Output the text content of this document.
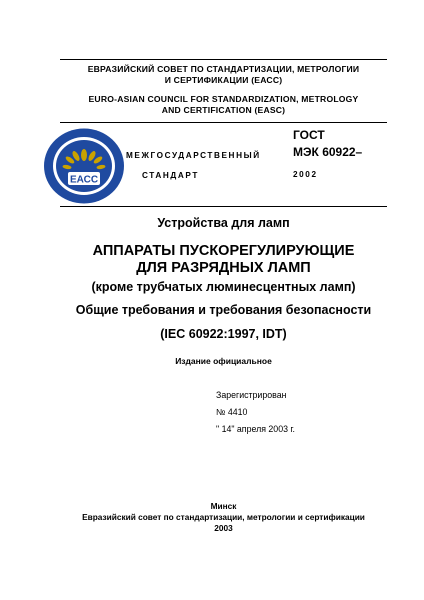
ЕВРАЗИЙСКИЙ СОВЕТ ПО СТАНДАРТИЗАЦИИ, МЕТРОЛОГИИ
И СЕРТИФИКАЦИИ (ЕАСС)
EURO-ASIAN COUNCIL FOR STANDARDIZATION, METROLOGY
AND CERTIFICATION (EASC)
ЕАСС
МЕЖГОСУДАРСТВЕННЫЙ
СТАНДАРТ
ГОСТ
МЭК 60922–
2002
Устройства для ламп
АППАРАТЫ ПУСКОРЕГУЛИРУЮЩИЕ
ДЛЯ РАЗРЯДНЫХ ЛАМП
(кроме трубчатых люминесцентных ламп)
Общие требования и требования безопасности
(IEC 60922:1997, IDT)
Издание официальное
Зарегистрирован
№ 4410
" 14" апреля 2003 г.
Минск
Евразийский совет по стандартизации, метрологии и сертификации
2003
